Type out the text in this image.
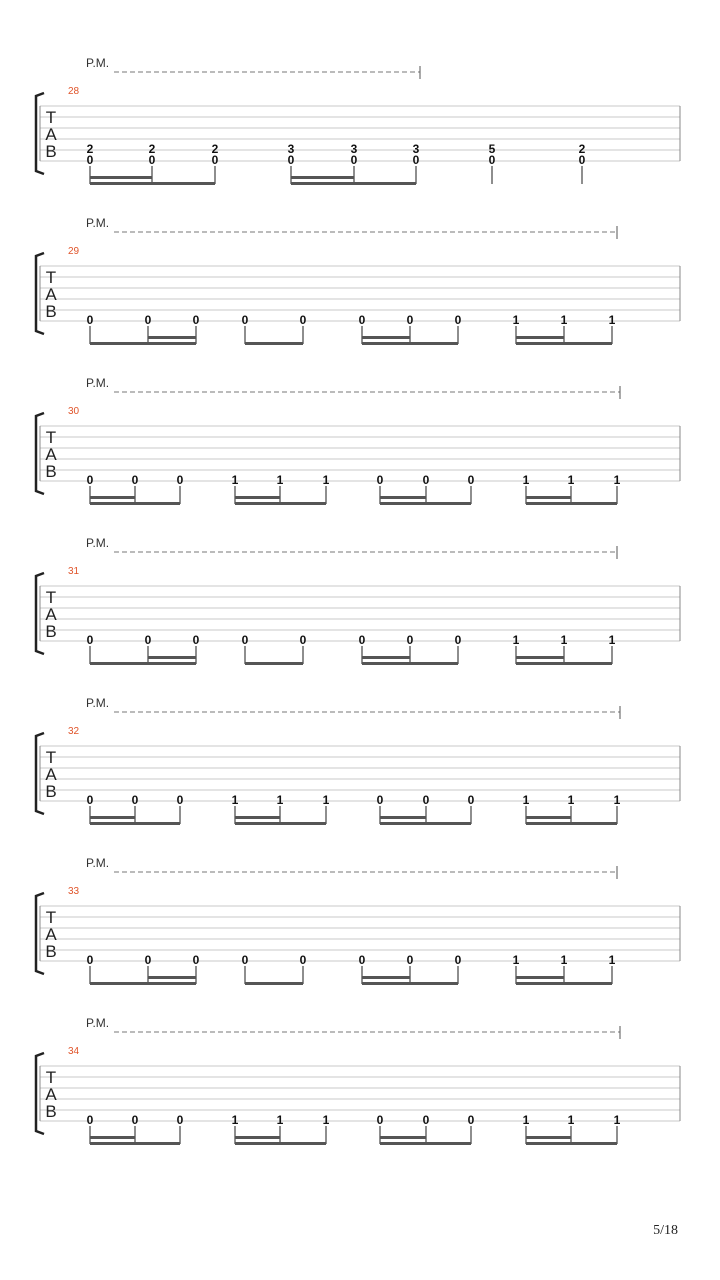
5/18
P.M.
28
T
A
B 2
0
2
0
2
0
3
0
3
0
3
0
5
0
2
0
P.M.
29
T
A
B 0	0	0	0	0	0	0	0	1	1	1
P.M.
30
T
A
B 0	0	0	1	1	1	0	0	0	1	1	1
P.M.
31
T
A
B 0	0	0	0	0	0	0	0	1	1	1
P.M.
32
T
A
B 0	0	0	1	1	1	0	0	0	1	1	1
P.M.
33
T
A
B 0	0	0	0	0	0	0	0	1	1	1
P.M.
34
T
A
B 0	0	0	1	1	1	0	0	0	1	1	1
